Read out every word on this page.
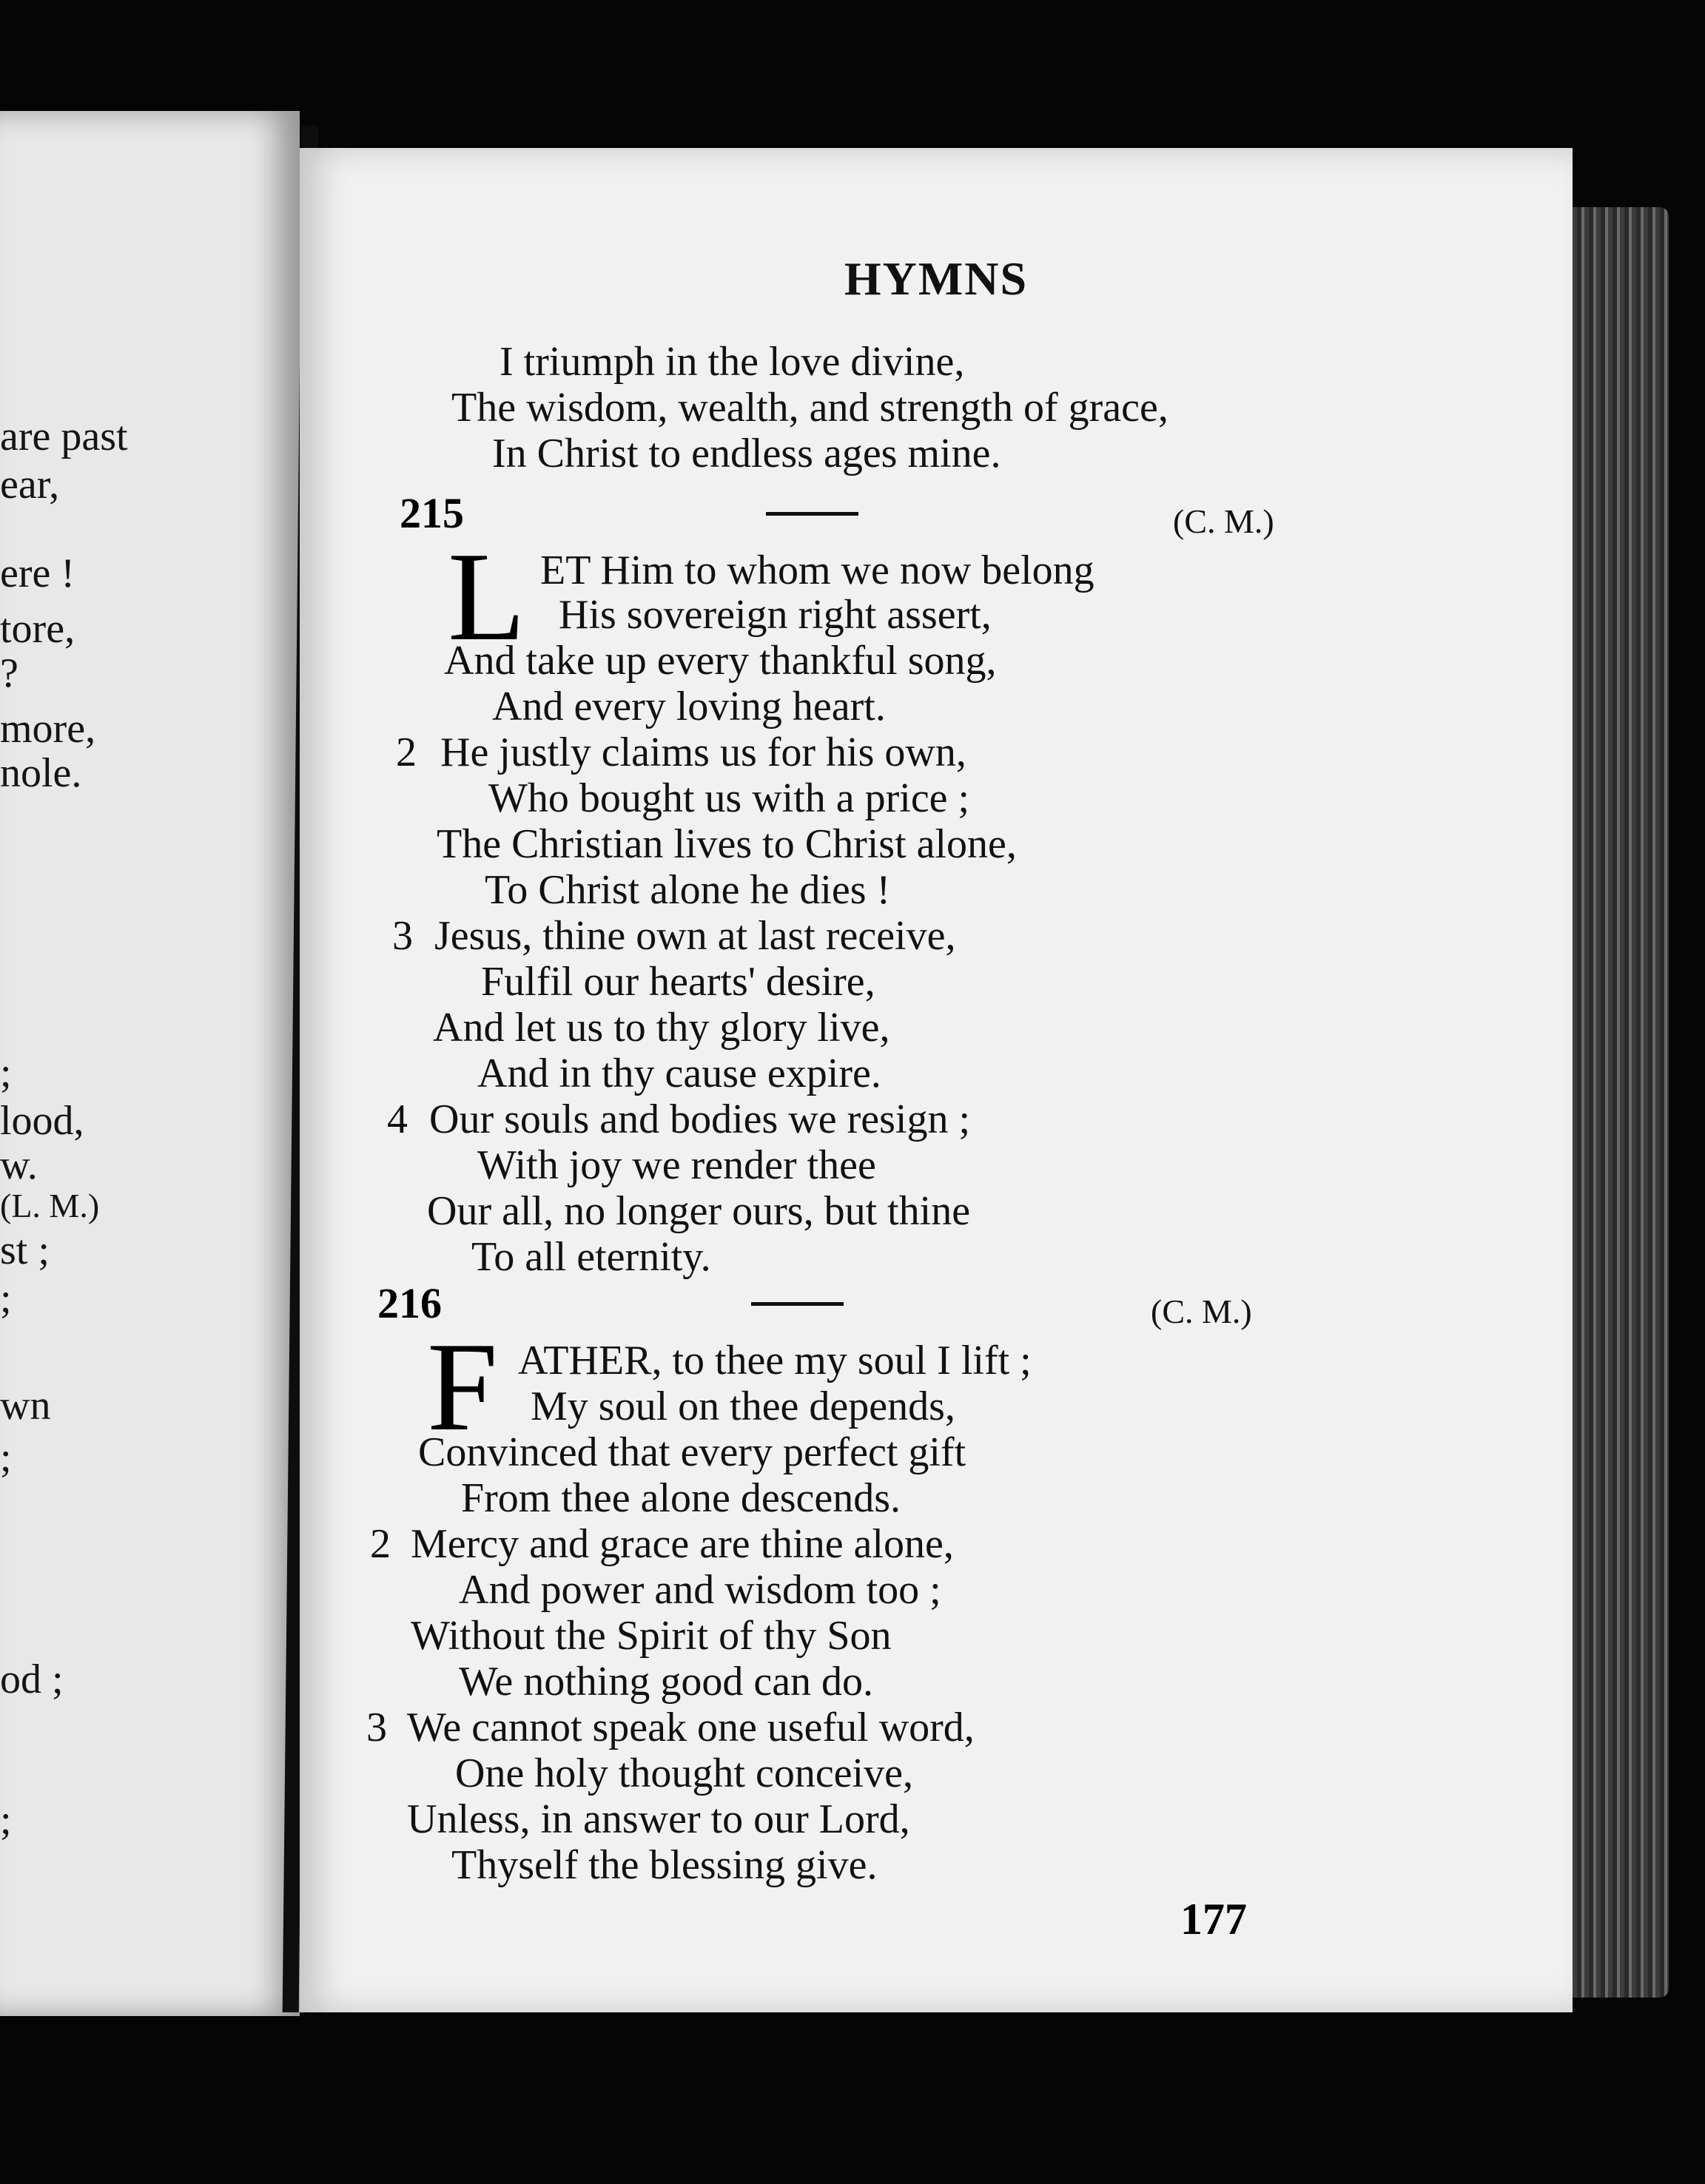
are past
ear,
ere !
tore,
?
more,
nole.
;
lood,
w.
(L. M.)
st ;
;
wn
;
od ;
;
HYMNS
I triumph in the love divine,
The wisdom, wealth, and strength of grace,
In Christ to endless ages mine.
215	(C. M.)
L ET Him to whom we now belong
His sovereign right assert,
And take up every thankful song,
And every loving heart.
2 He justly claims us for his own,
Who bought us with a price ;
The Christian lives to Christ alone,
To Christ alone he dies !
3 Jesus, thine own at last receive,
Fulfil our hearts' desire,
And let us to thy glory live,
And in thy cause expire.
4 Our souls and bodies we resign ;
With joy we render thee
Our all, no longer ours, but thine
To all eternity.
216	(C. M.)
F ATHER, to thee my soul I lift ;
My soul on thee depends,
Convinced that every perfect gift
From thee alone descends.
2 Mercy and grace are thine alone,
And power and wisdom too ;
Without the Spirit of thy Son
We nothing good can do.
3 We cannot speak one useful word,
One holy thought conceive,
Unless, in answer to our Lord,
Thyself the blessing give.
177
